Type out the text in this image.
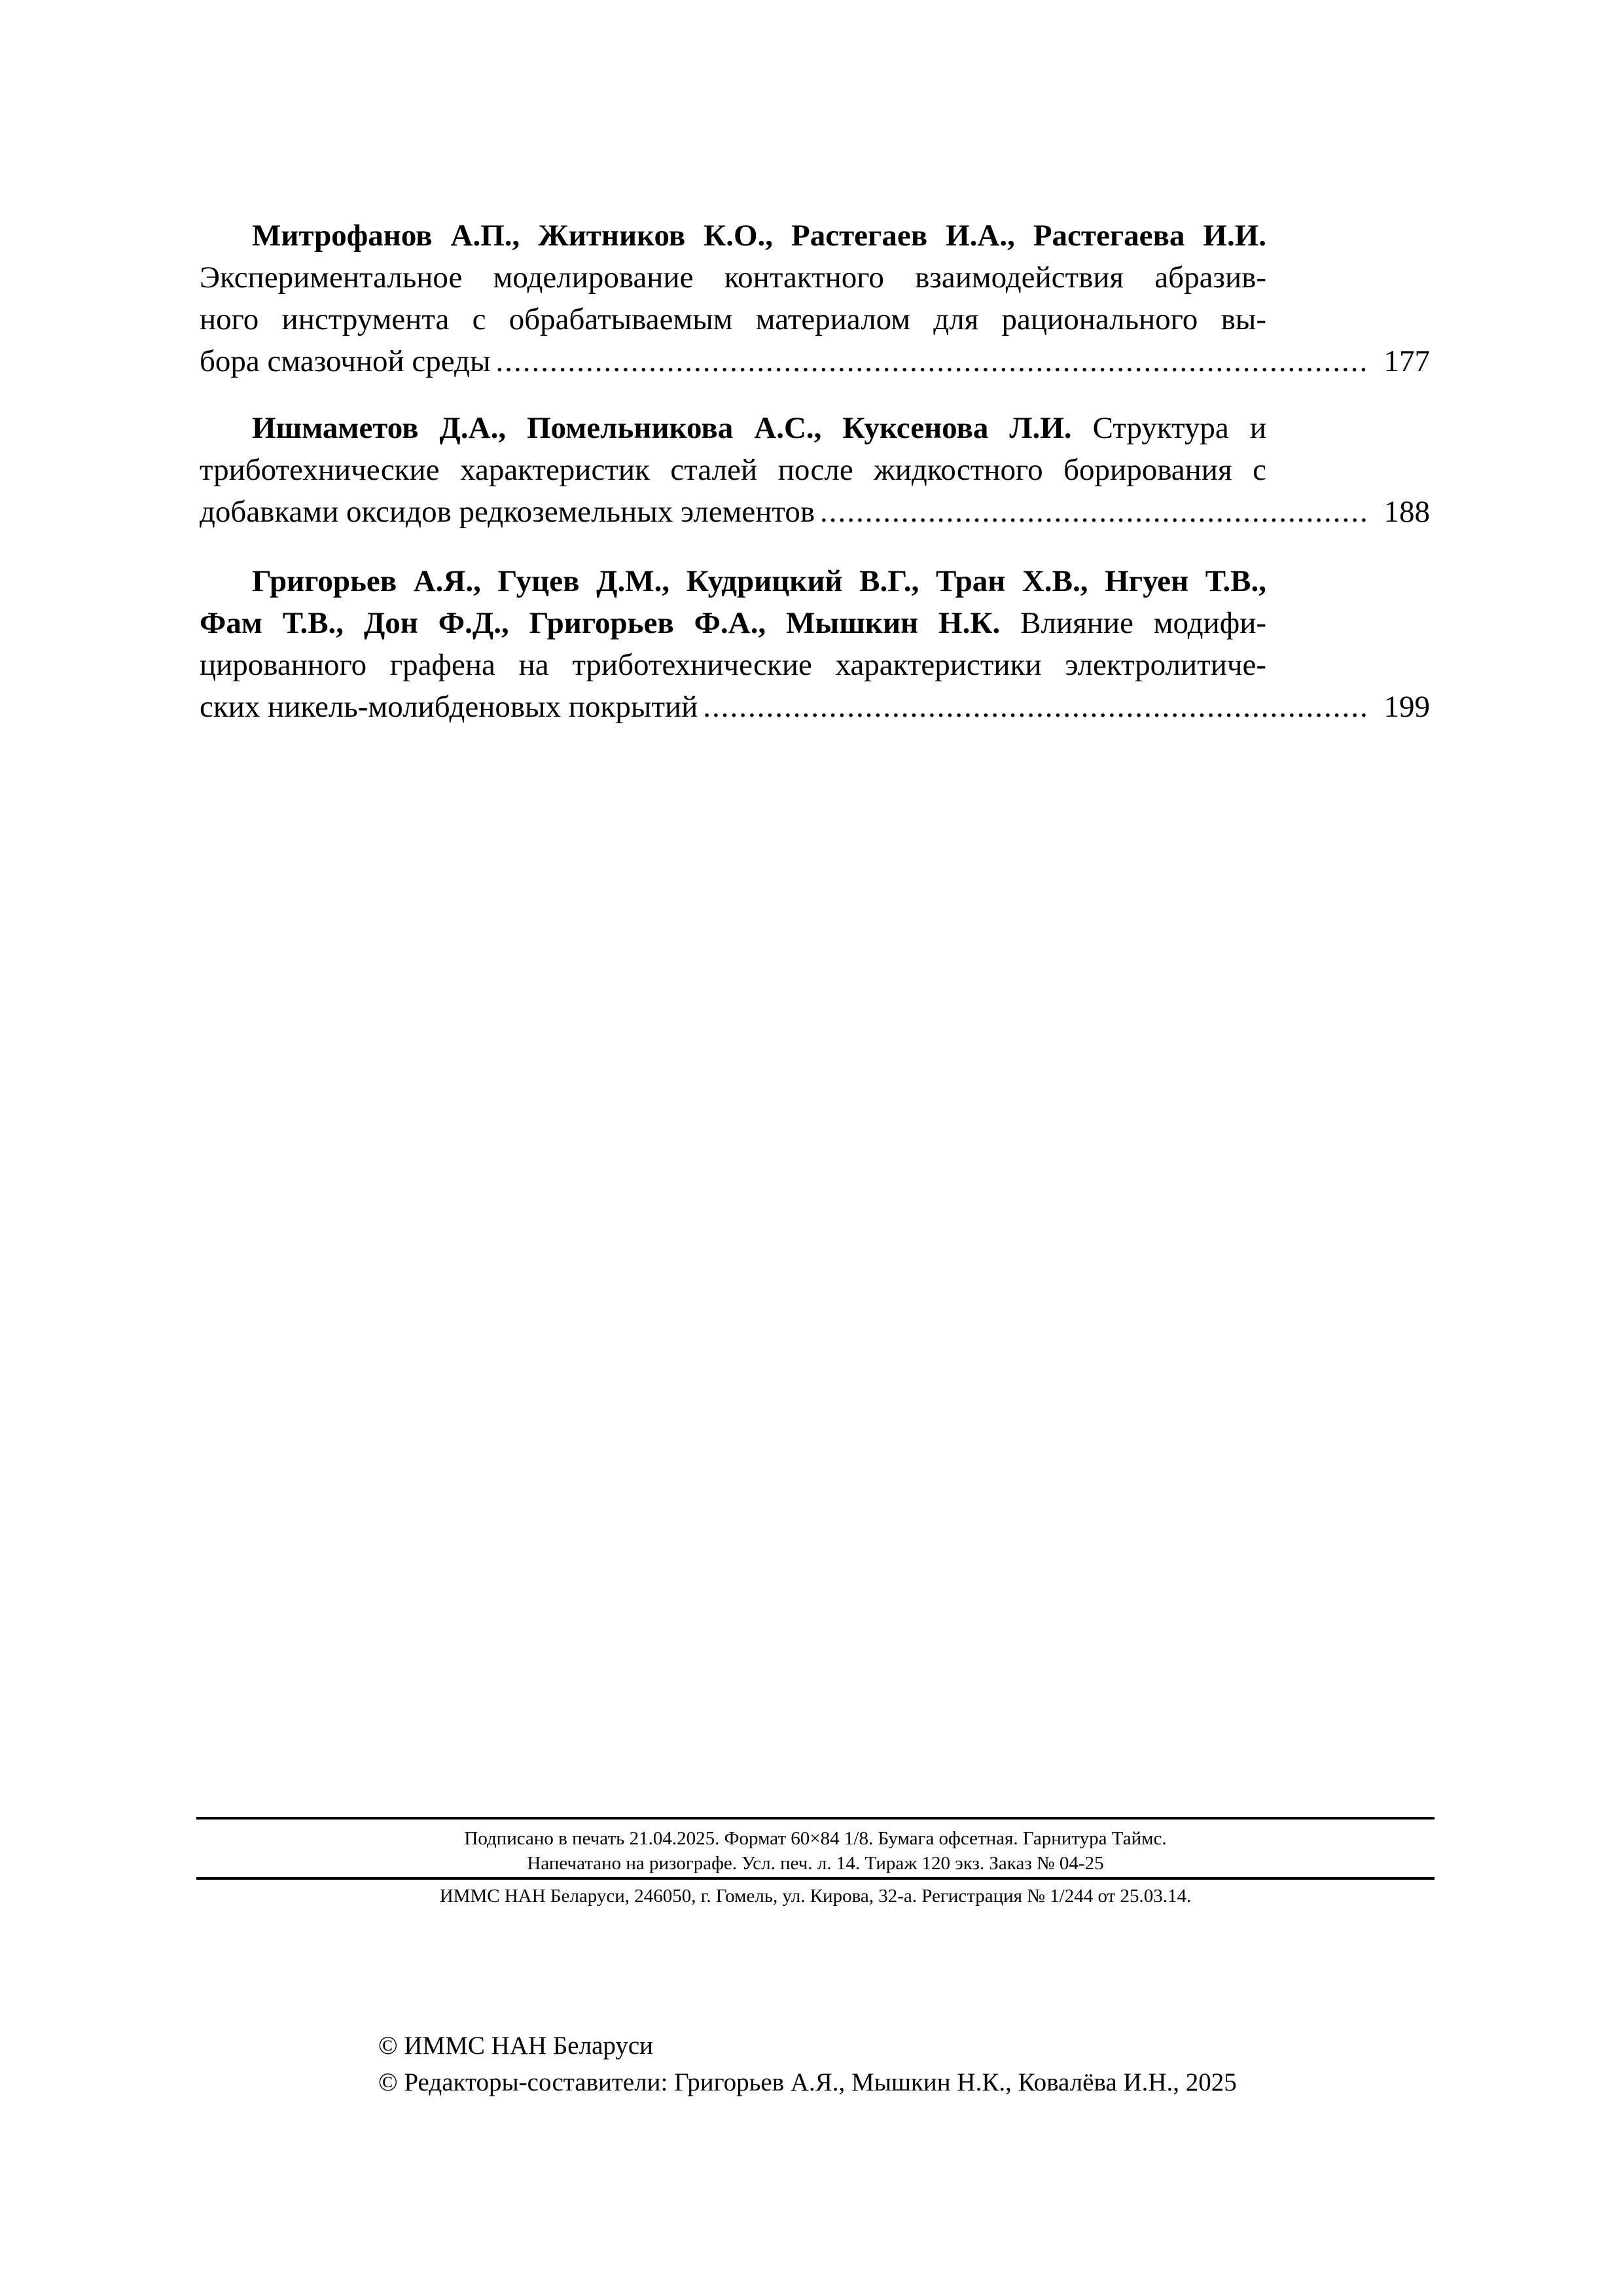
Митрофанов А.П., Житников К.О., Растегаев И.А., Растегаева И.И.
Экспериментальное моделирование контактного взаимодействия абразив-
ного инструмента с обрабатываемым материалом для рационального вы-
бора смазочной среды .....	177
Ишмаметов Д.А., Помельникова А.С., Куксенова Л.И. Структура и
триботехнические характеристик сталей после жидкостного борирования с
добавками оксидов редкоземельных элементов .....	188
Григорьев А.Я., Гуцев Д.М., Кудрицкий В.Г., Тран Х.В., Нгуен Т.В.,
Фам Т.В., Дон Ф.Д., Григорьев Ф.А., Мышкин Н.К. Влияние модифи-
цированного графена на триботехнические характеристики электролитиче-
ских никель-молибденовых покрытий .....	199
Подписано в печать 21.04.2025. Формат 60×84 1/8. Бумага офсетная. Гарнитура Таймс.
Напечатано на ризографе. Усл. печ. л. 14. Тираж 120 экз. Заказ № 04-25
ИММС НАН Беларуси, 246050, г. Гомель, ул. Кирова, 32-а. Регистрация № 1/244 от 25.03.14.
© ИММС НАН Беларуси
© Редакторы-составители: Григорьев А.Я., Мышкин Н.К., Ковалёва И.Н., 2025
